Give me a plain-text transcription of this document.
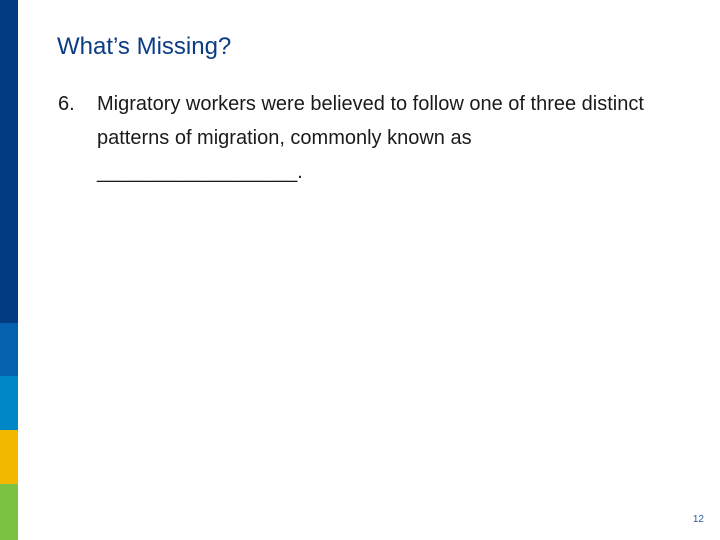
What’s Missing?
6. Migratory workers were believed to follow one of three distinct patterns of migration, commonly known as __________________.
12
